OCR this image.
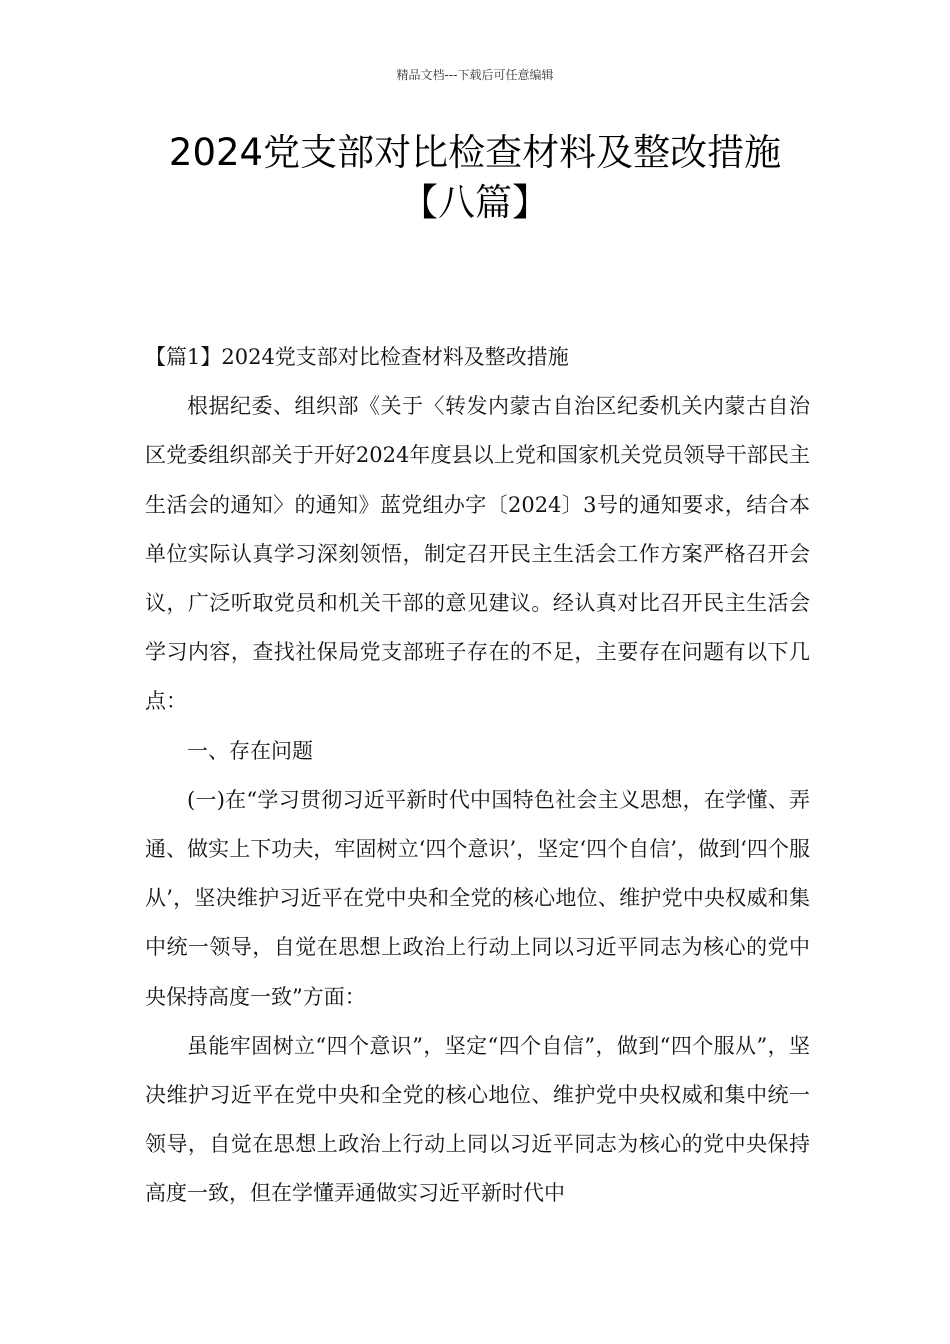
精品文档---下载后可任意编辑
2024党支部对比检查材料及整改措施
【八篇】

【篇1】2024党支部对比检查材料及整改措施

根据纪委、组织部《关于〈转发内蒙古自治区纪委机关内蒙古自治区党委组织部关于开好2024年度县以上党和国家机关党员领导干部民主生活会的通知〉的通知》蓝党组办字〔2024〕3号的通知要求，结合本单位实际认真学习深刻领悟，制定召开民主生活会工作方案严格召开会议，广泛听取党员和机关干部的意见建议。经认真对比召开民主生活会学习内容，查找社保局党支部班子存在的不足，主要存在问题有以下几点：

一、存在问题

(一)在“学习贯彻习近平新时代中国特色社会主义思想，在学懂、弄通、做实上下功夫，牢固树立‘四个意识’，坚定‘四个自信’，做到‘四个服从’，坚决维护习近平在党中央和全党的核心地位、维护党中央权威和集中统一领导，自觉在思想上政治上行动上同以习近平同志为核心的党中央保持高度一致”方面：

虽能牢固树立“四个意识”，坚定“四个自信”，做到“四个服从”，坚决维护习近平在党中央和全党的核心地位、维护党中央权威和集中统一领导，自觉在思想上政治上行动上同以习近平同志为核心的党中央保持高度一致，但在学懂弄通做实习近平新时代中
